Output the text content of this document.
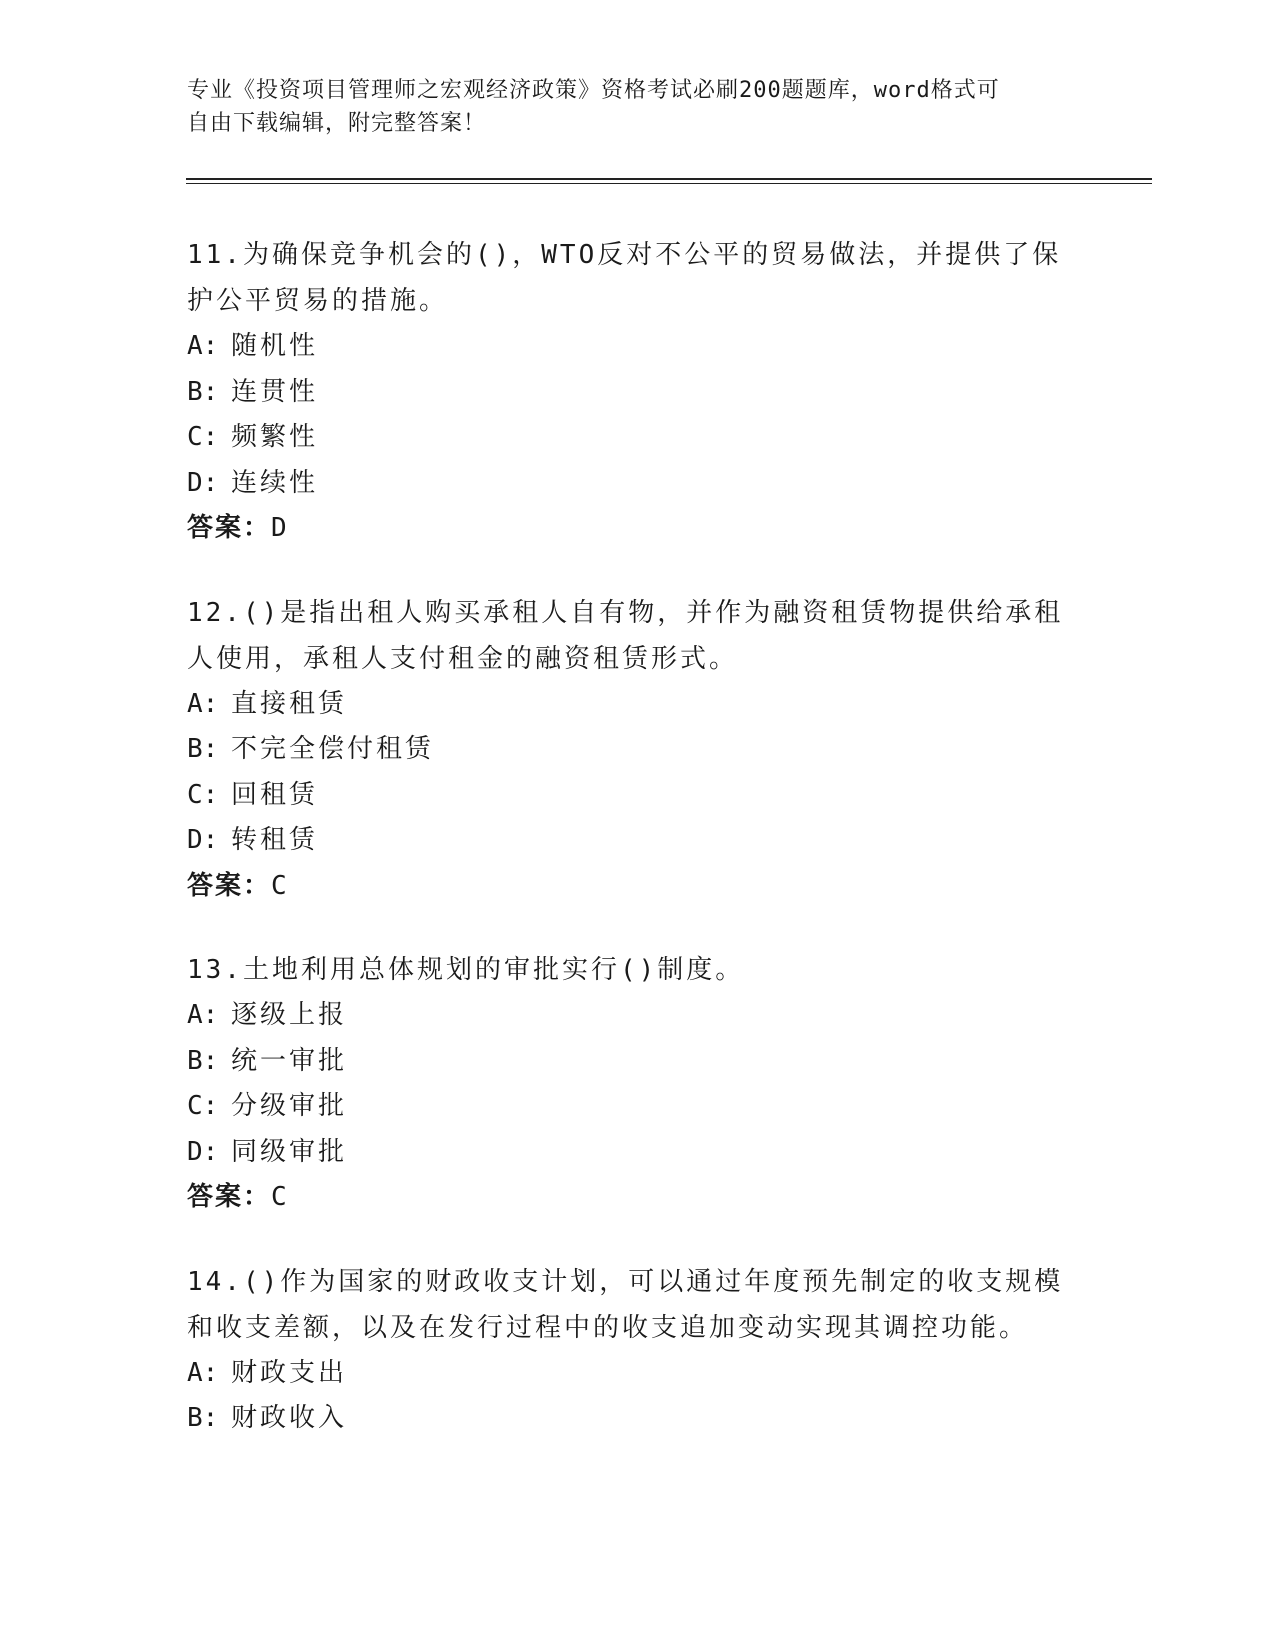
专业《投资项目管理师之宏观经济政策》资格考试必刷200题题库，word格式可
自由下载编辑，附完整答案！

11.为确保竞争机会的()，WTO反对不公平的贸易做法，并提供了保护公平贸易的措施。

A: 随机性
B: 连贯性
C: 频繁性
D: 连续性
答案：D

12.()是指出租人购买承租人自有物，并作为融资租赁物提供给承租人使用，承租人支付租金的融资租赁形式。

A: 直接租赁
B: 不完全偿付租赁
C: 回租赁
D: 转租赁
答案：C

13.土地利用总体规划的审批实行()制度。

A: 逐级上报
B: 统一审批
C: 分级审批
D: 同级审批
答案：C

14.()作为国家的财政收支计划，可以通过年度预先制定的收支规模和收支差额，以及在发行过程中的收支追加变动实现其调控功能。

A: 财政支出
B: 财政收入
